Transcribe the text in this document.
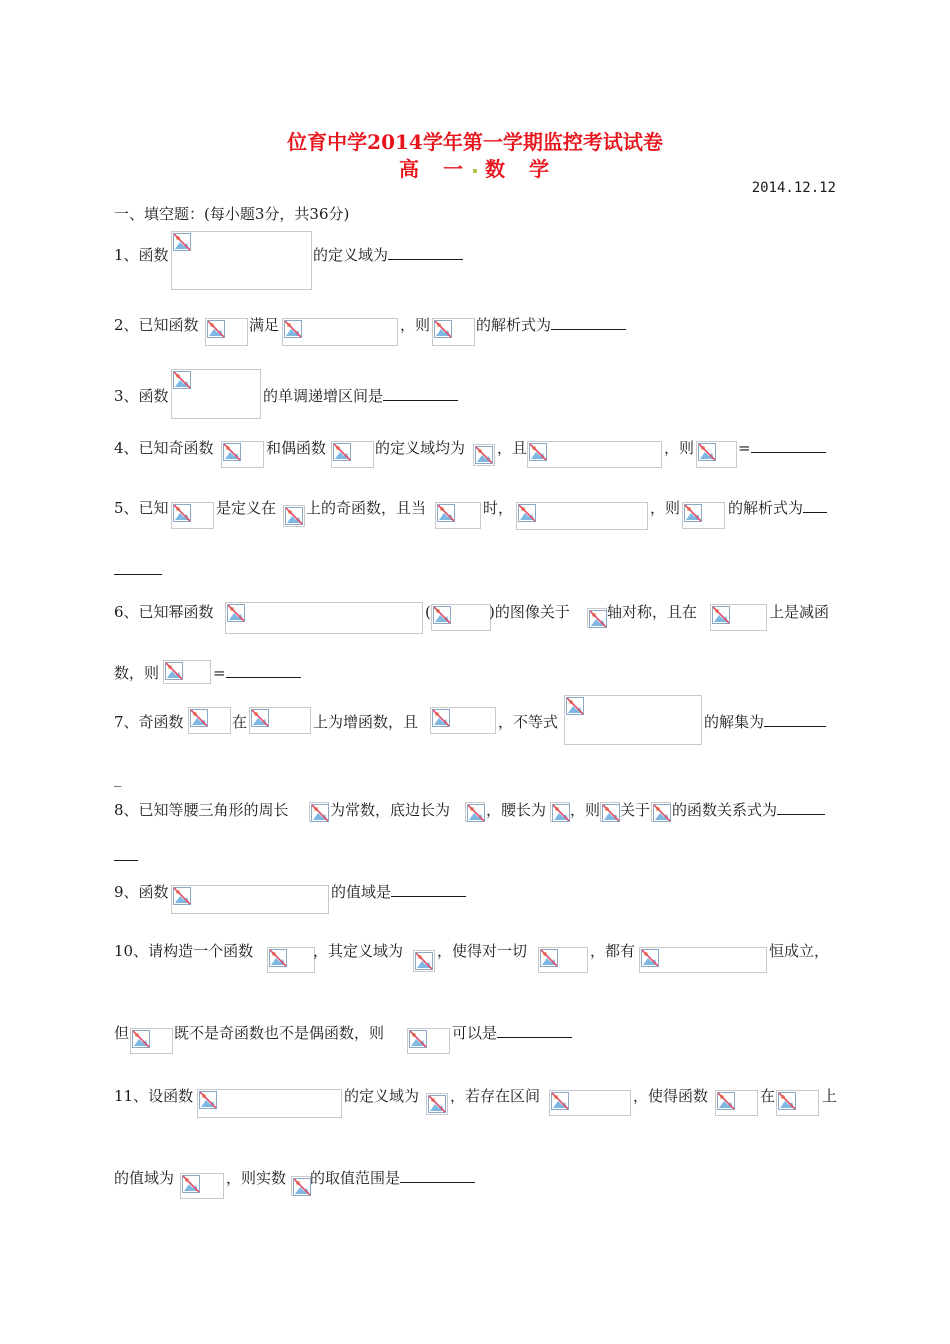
位育中学2014学年第一学期监控考试试卷
高　一 数　学
2014.12.12
一、填空题：(每小题3分，共36分)
1、函数	的定义域为
2、已知函数	满足	，则	的解析式为
3、函数	的单调递增区间是
4、已知奇函数	和偶函数	的定义域均为 ，且	，则	=
5、已知	是定义在 上的奇函数，且当	时，	，则	的解析式为
6、已知幂函数	(	)的图像关于 轴对称，且在	上是减函
数，则	=
7、奇函数	在	上为增函数，且	，不等式	的解集为
_
8、已知等腰三角形的周长	为常数，底边长为 ，腰长为 ，则 关于 的函数关系式为
9、函数	的值域是
10、请构造一个函数	，其定义域为 ，使得对一切	，都有	恒成立，
但	既不是奇函数也不是偶函数，则	可以是
11、设函数	的定义域为 ，若存在区间	，使得函数	在	上
的值域为	，则实数 的取值范围是
